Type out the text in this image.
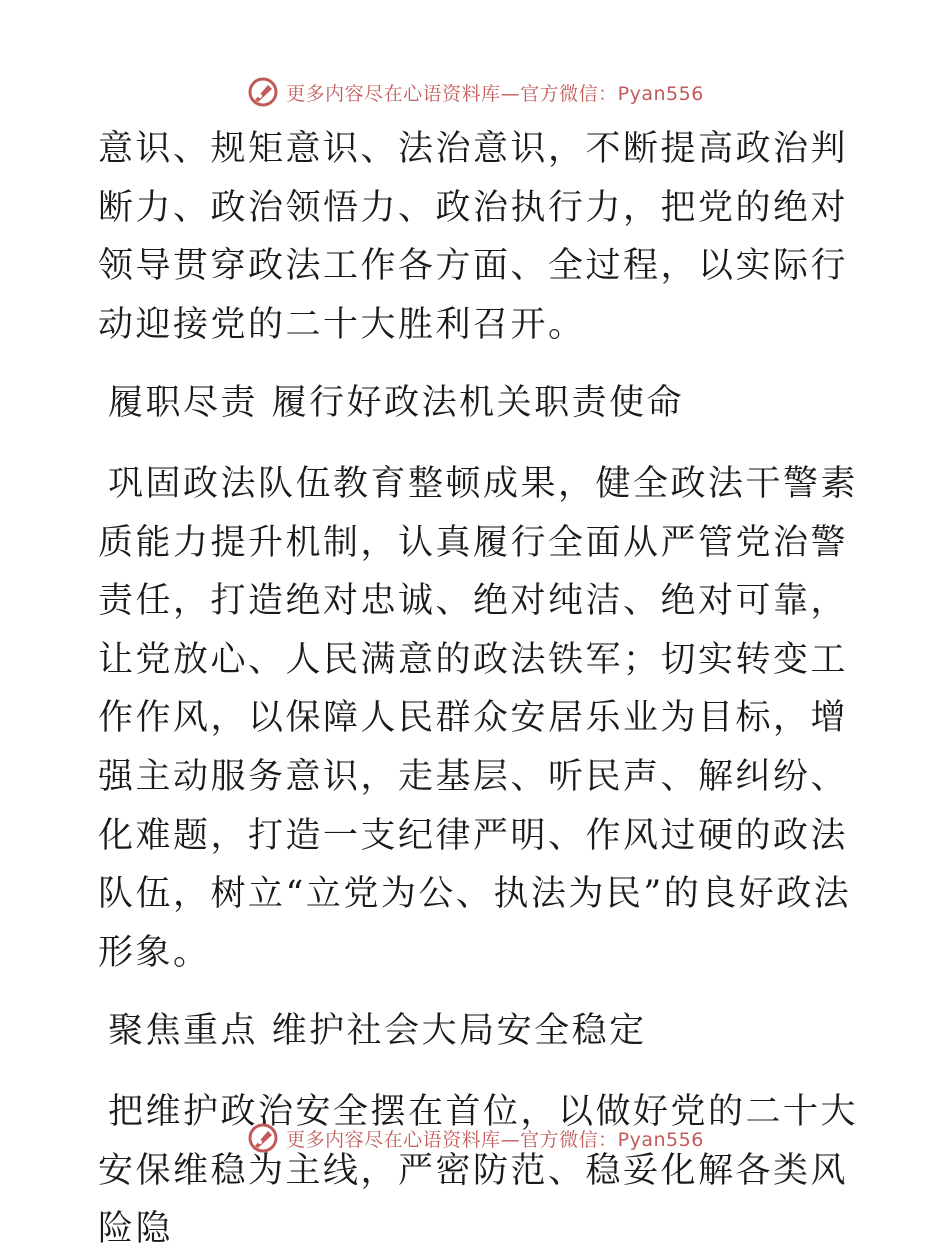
更多内容尽在心语资料库—官方微信：Pyan556

意识、规矩意识、法治意识，不断提高政治判断力、政治领悟力、政治执行力，把党的绝对领导贯穿政法工作各方面、全过程，以实际行动迎接党的二十大胜利召开。

履职尽责 履行好政法机关职责使命

巩固政法队伍教育整顿成果，健全政法干警素质能力提升机制，认真履行全面从严管党治警责任，打造绝对忠诚、绝对纯洁、绝对可靠，让党放心、人民满意的政法铁军；切实转变工作作风，以保障人民群众安居乐业为目标，增强主动服务意识，走基层、听民声、解纠纷、化难题，打造一支纪律严明、作风过硬的政法队伍，树立“立党为公、执法为民”的良好政法形象。

聚焦重点 维护社会大局安全稳定

把维护政治安全摆在首位，以做好党的二十大安保维稳为主线，严密防范、稳妥化解各类风险隐

更多内容尽在心语资料库—官方微信：Pyan556
